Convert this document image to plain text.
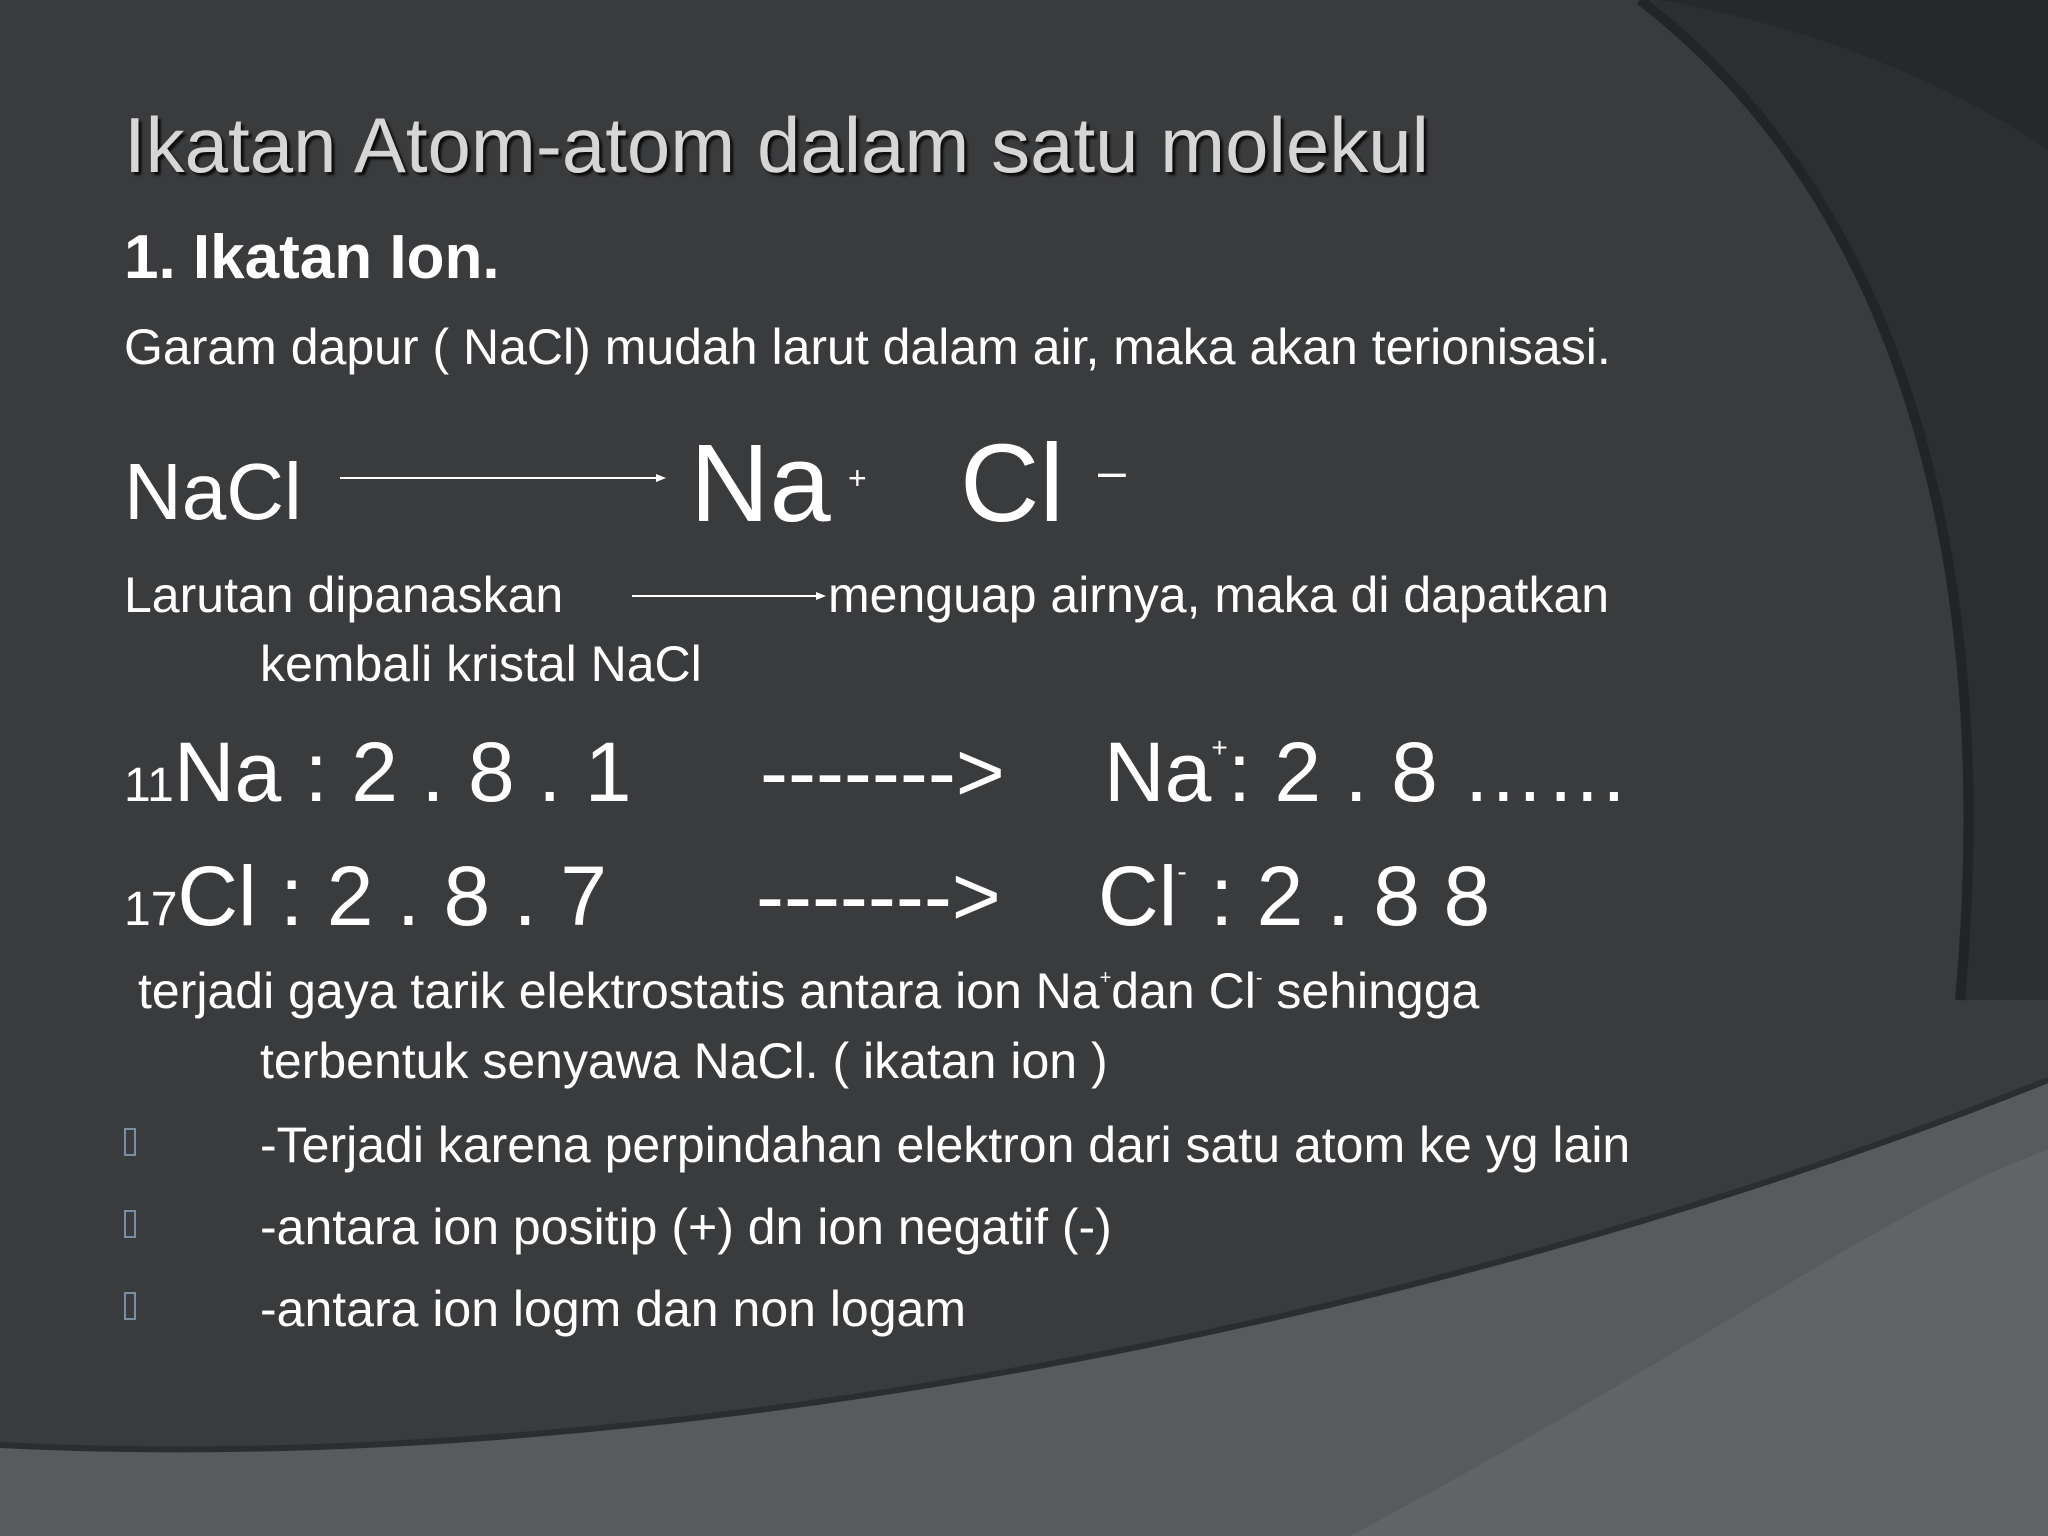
Ikatan Atom-atom dalam satu molekul
1. Ikatan Ion.
Garam dapur ( NaCl) mudah larut dalam air, maka akan terionisasi.
NaCl	Na + Cl –
Larutan dipanaskan	menguap airnya, maka di dapatkan
kembali kristal NaCl
11Na : 2 . 8 . 1 -------> Na+: 2 . 8 ……
17Cl : 2 . 8 . 7 -------> Cl- : 2 . 8 8
terjadi gaya tarik elektrostatis antara ion Na+dan Cl- sehingga
terbentuk senyawa NaCl. ( ikatan ion )
-Terjadi karena perpindahan elektron dari satu atom ke yg lain
-antara ion positip (+) dn ion negatif (-)
-antara ion logm dan non logam
